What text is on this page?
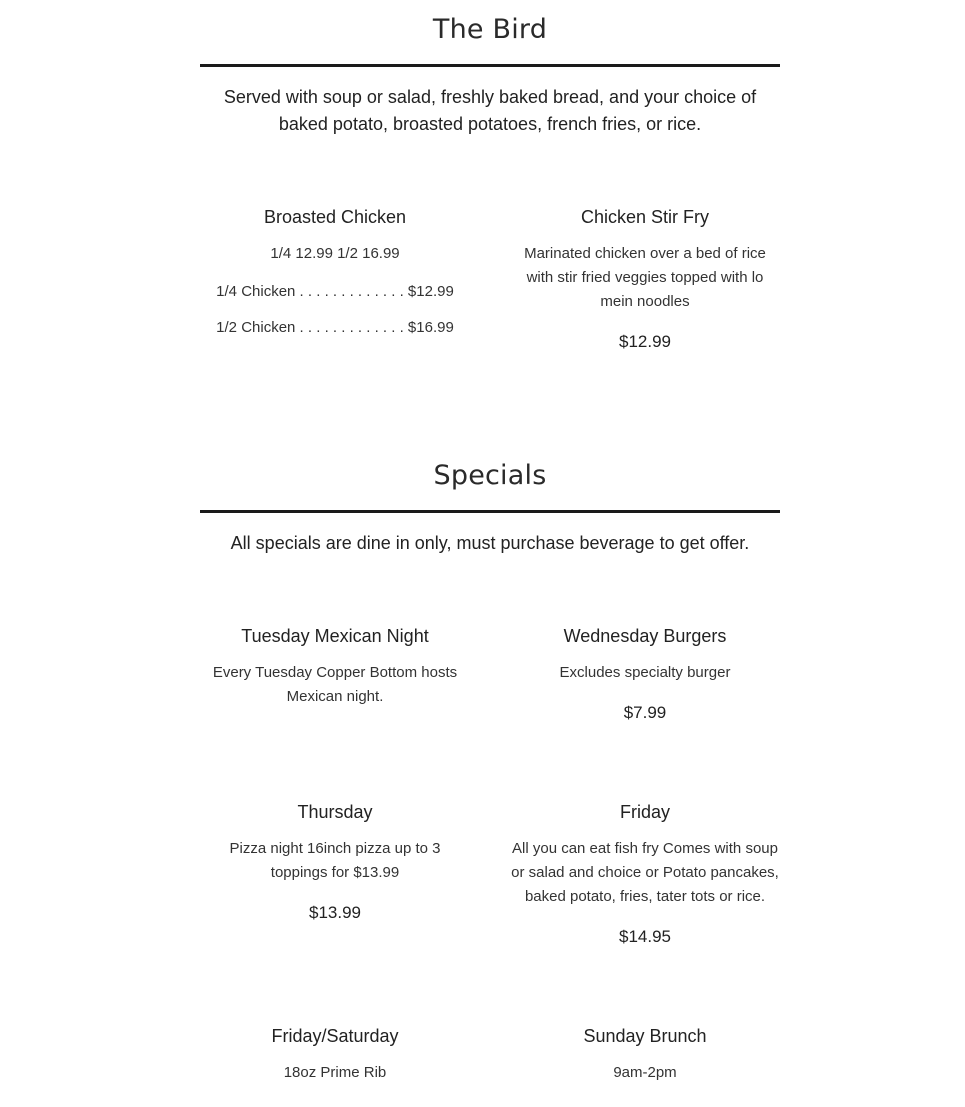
The Bird

Served with soup or salad, freshly baked bread, and your choice of baked potato, broasted potatoes, french fries, or rice.

Broasted Chicken
1/4 12.99 1/2 16.99
1/4 Chicken . . . . . . . . . . . . . $12.99
1/2 Chicken . . . . . . . . . . . . . $16.99
Chicken Stir Fry
Marinated chicken over a bed of rice with stir fried veggies topped with lo mein noodles
$12.99
Specials

All specials are dine in only, must purchase beverage to get offer.

Tuesday Mexican Night
Every Tuesday Copper Bottom hosts Mexican night.
Wednesday Burgers
Excludes specialty burger
$7.99
Thursday
Pizza night 16inch pizza up to 3 toppings for $13.99
$13.99
Friday
All you can eat fish fry Comes with soup or salad and choice or Potato pancakes, baked potato, fries, tater tots or rice.
$14.95
Friday/Saturday
18oz Prime Rib
Sunday Brunch
9am-2pm
